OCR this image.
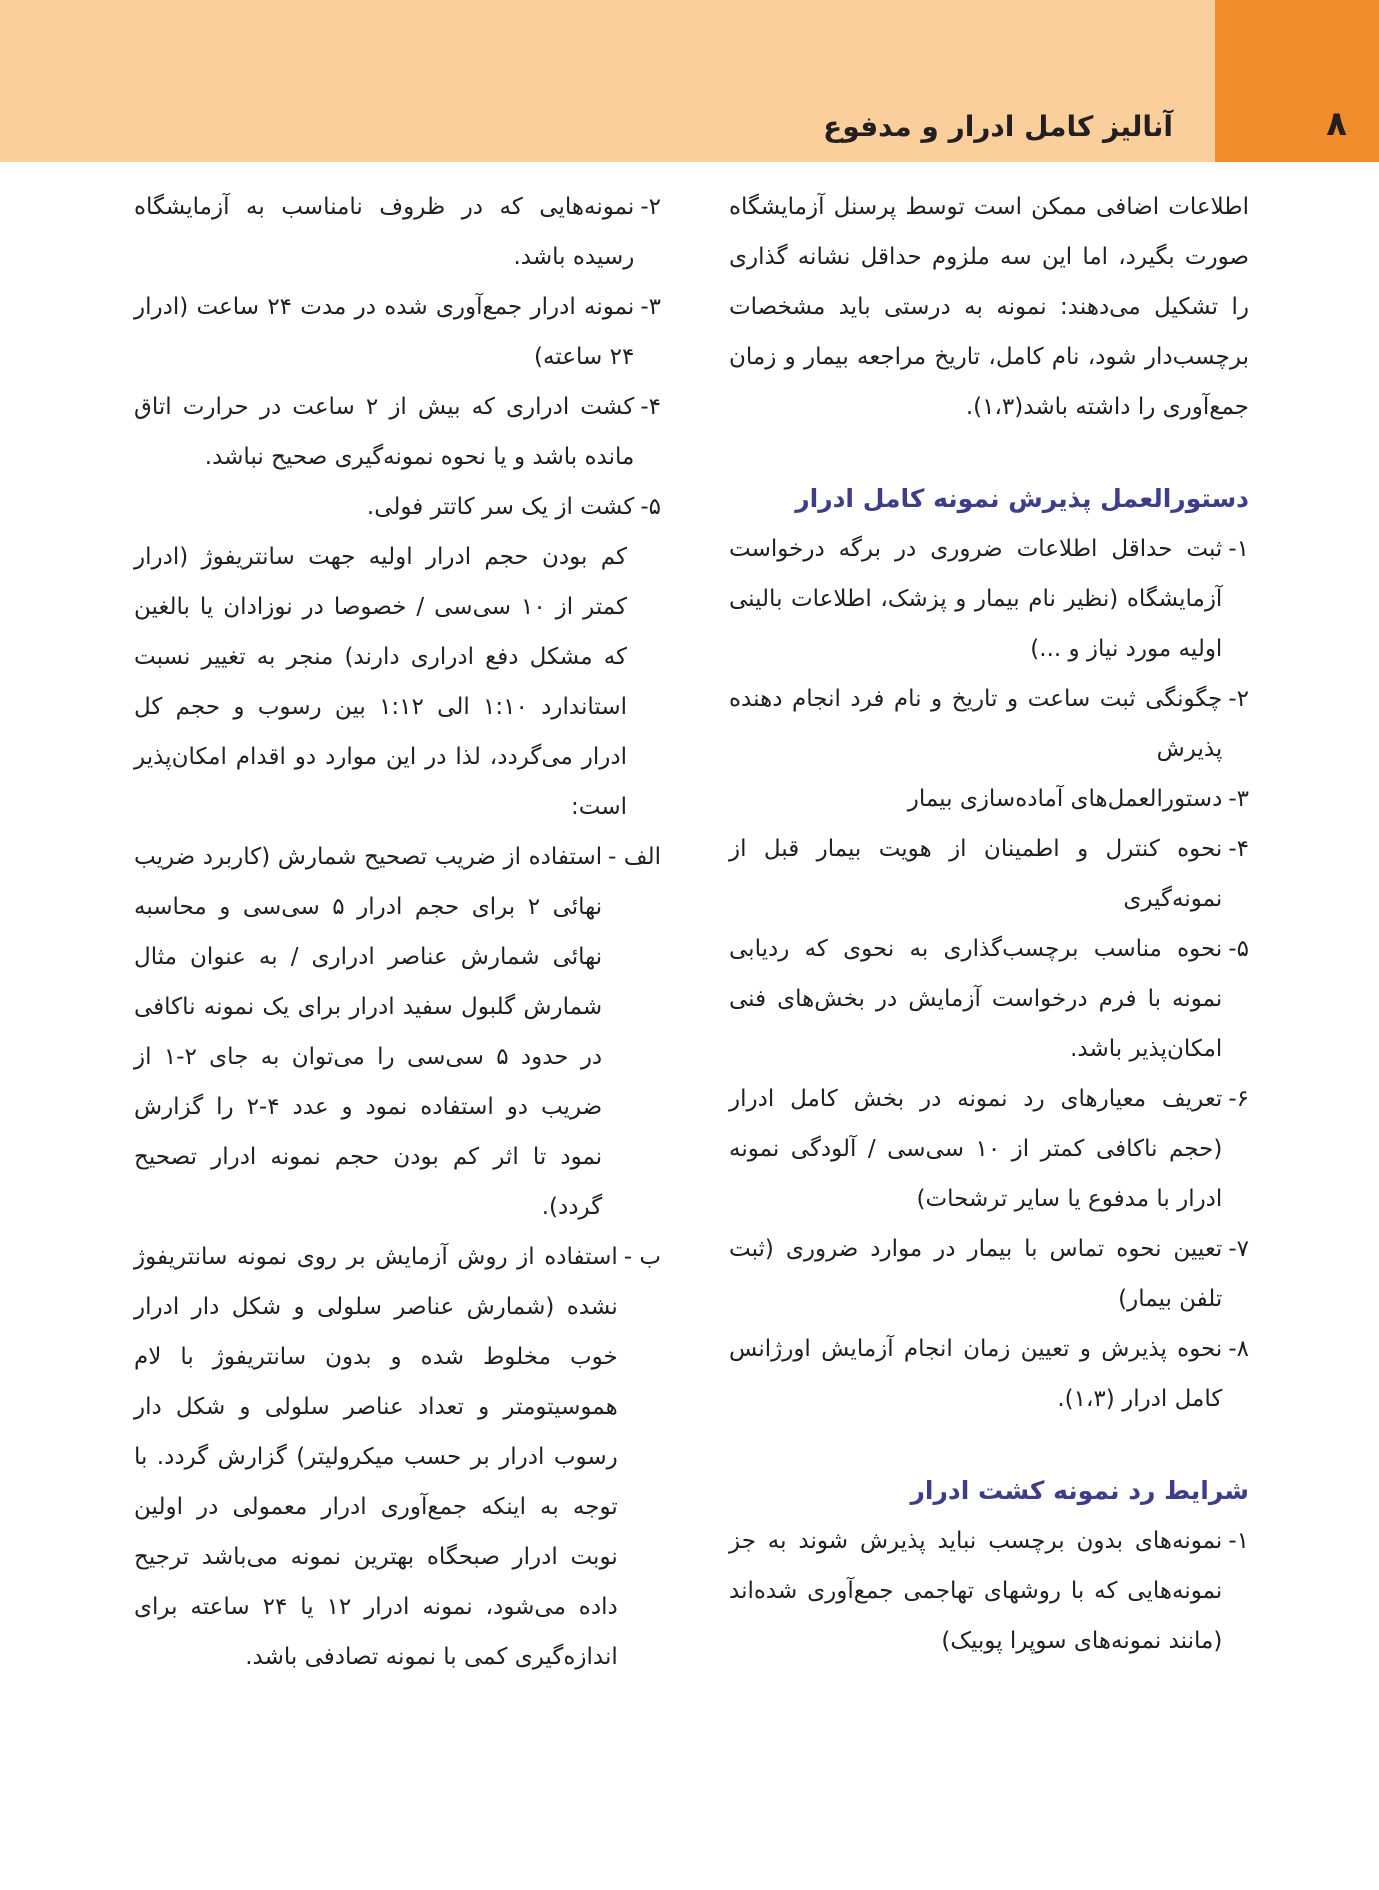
۸
آنالیز کامل ادرار و مدفوع

اطلاعات اضافی ممکن است توسط پرسنل آزمایشگاه صورت بگیرد، اما این سه ملزوم حداقل نشانه گذاری را تشکیل می‌دهند: نمونه به درستی باید مشخصات برچسب‌دار شود، نام کامل، تاریخ مراجعه بیمار و زمان جمع‌آوری را داشته باشد(۱،۳).

دستورالعمل پذیرش نمونه کامل ادرار

۱-
ثبت حداقل اطلاعات ضروری در برگه درخواست آزمایشگاه (نظیر نام بیمار و پزشک، اطلاعات بالینی اولیه مورد نیاز و ...)
۲-
چگونگی ثبت ساعت و تاریخ و نام فرد انجام دهنده پذیرش
۳-
دستورالعمل‌های آماده‌سازی بیمار
۴-
نحوه کنترل و اطمینان از هویت بیمار قبل از نمونه‌گیری
۵-
نحوه مناسب برچسب‌گذاری به نحوی که ردیابی نمونه با فرم درخواست آزمایش در بخش‌های فنی امکان‌پذیر باشد.
۶-
تعریف معیارهای رد نمونه در بخش کامل ادرار (حجم ناکافی کمتر از ۱۰ سی‌سی / آلودگی نمونه ادرار با مدفوع یا سایر ترشحات)
۷-
تعیین نحوه تماس با بیمار در موارد ضروری (ثبت تلفن بیمار)
۸-
نحوه پذیرش و تعیین زمان انجام آزمایش اورژانس کامل ادرار (۱،۳).

شرایط رد نمونه کشت ادرار

۱-
نمونه‌های بدون برچسب نباید پذیرش شوند به جز نمونه‌هایی که با روشهای تهاجمی جمع‌آوری شده‌اند (مانند نمونه‌های سوپرا پوبیک)
۲-
نمونه‌هایی که در ظروف نامناسب به آزمایشگاه رسیده باشد.
۳-
نمونه ادرار جمع‌آوری شده در مدت ۲۴ ساعت (ادرار ۲۴ ساعته)
۴-
کشت ادراری که بیش از ۲ ساعت در حرارت اتاق مانده باشد و یا نحوه نمونه‌گیری صحیح نباشد.
۵-
کشت از یک سر کاتتر فولی.

کم بودن حجم ادرار اولیه جهت سانتریفوژ (ادرار کمتر از ۱۰ سی‌سی / خصوصا در نوزادان یا بالغین که مشکل دفع ادراری دارند) منجر به تغییر نسبت استاندارد ۱:۱۰ الی ۱:۱۲ بین رسوب و حجم کل ادرار می‌گردد، لذا در این موارد دو اقدام امکان‌پذیر است:

الف -
استفاده از ضریب تصحیح شمارش (کاربرد ضریب نهائی ۲ برای حجم ادرار ۵ سی‌سی و محاسبه نهائی شمارش عناصر ادراری / به عنوان مثال شمارش گلبول سفید ادرار برای یک نمونه ناکافی در حدود ۵ سی‌سی را می‌توان به جای ۲-۱ از ضریب دو استفاده نمود و عدد ۴-۲ را گزارش نمود تا اثر کم بودن حجم نمونه ادرار تصحیح گردد).
ب -
استفاده از روش آزمایش بر روی نمونه سانتریفوژ نشده (شمارش عناصر سلولی و شکل دار ادرار خوب مخلوط شده و بدون سانتریفوژ با لام هموسیتومتر و تعداد عناصر سلولی و شکل دار رسوب ادرار بر حسب میکرولیتر) گزارش گردد. با توجه به اینکه جمع‌آوری ادرار معمولی در اولین نوبت ادرار صبحگاه بهترین نمونه می‌باشد ترجیح داده می‌شود، نمونه ادرار ۱۲ یا ۲۴ ساعته برای اندازه‌گیری کمی با نمونه تصادفی باشد.
